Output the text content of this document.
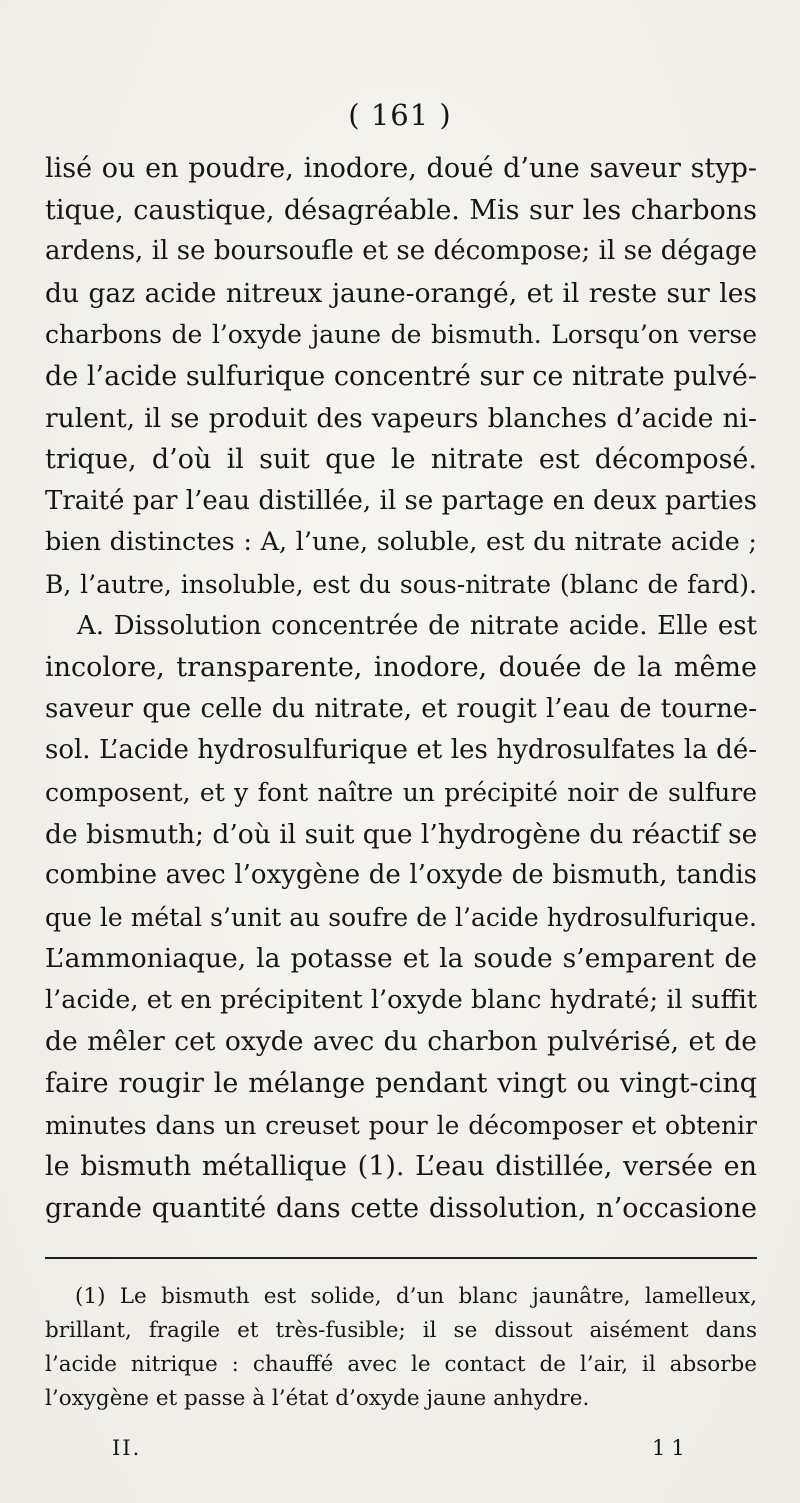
( 161 )
lisé ou en poudre, inodore, doué d’une saveur styp-
tique, caustique, désagréable. Mis sur les charbons
ardens, il se boursoufle et se décompose; il se dégage
du gaz acide nitreux jaune-orangé, et il reste sur les
charbons de l’oxyde jaune de bismuth. Lorsqu’on verse
de l’acide sulfurique concentré sur ce nitrate pulvé-
rulent, il se produit des vapeurs blanches d’acide ni-
trique, d’où il suit que le nitrate est décomposé.
Traité par l’eau distillée, il se partage en deux parties
bien distinctes : A, l’une, soluble, est du nitrate acide ;
B, l’autre, insoluble, est du sous-nitrate (blanc de fard).
A. Dissolution concentrée de nitrate acide. Elle est
incolore, transparente, inodore, douée de la même
saveur que celle du nitrate, et rougit l’eau de tourne-
sol. L’acide hydrosulfurique et les hydrosulfates la dé-
composent, et y font naître un précipité noir de sulfure
de bismuth; d’où il suit que l’hydrogène du réactif se
combine avec l’oxygène de l’oxyde de bismuth, tandis
que le métal s’unit au soufre de l’acide hydrosulfurique.
L’ammoniaque, la potasse et la soude s’emparent de
l’acide, et en précipitent l’oxyde blanc hydraté; il suffit
de mêler cet oxyde avec du charbon pulvérisé, et de
faire rougir le mélange pendant vingt ou vingt-cinq
minutes dans un creuset pour le décomposer et obtenir
le bismuth métallique (1). L’eau distillée, versée en
grande quantité dans cette dissolution, n’occasione
(1) Le bismuth est solide, d’un blanc jaunâtre, lamelleux,
brillant, fragile et très-fusible; il se dissout aisément dans
l’acide nitrique : chauffé avec le contact de l’air, il absorbe
l’oxygène et passe à l’état d’oxyde jaune anhydre.
II.	11
